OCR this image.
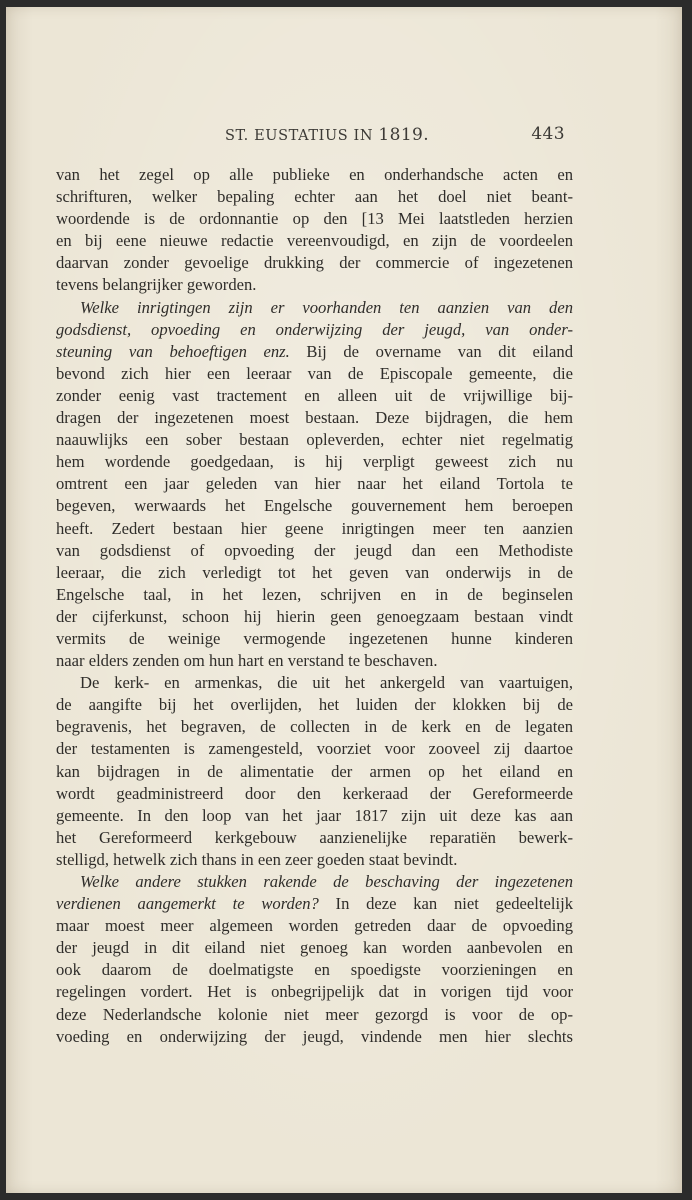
ST. EUSTATIUS IN 1819.	443
van het zegel op alle publieke en onderhandsche acten en
schrifturen, welker bepaling echter aan het doel niet beant-
woordende is de ordonnantie op den [13 Mei laatstleden herzien
en bij eene nieuwe redactie vereenvoudigd, en zijn de voordeelen
daarvan zonder gevoelige drukking der commercie of ingezetenen
tevens belangrijker geworden.
Welke inrigtingen zijn er voorhanden ten aanzien van den
godsdienst, opvoeding en onderwijzing der jeugd, van onder-
steuning van behoeftigen enz. Bij de overname van dit eiland
bevond zich hier een leeraar van de Episcopale gemeente, die
zonder eenig vast tractement en alleen uit de vrijwillige bij-
dragen der ingezetenen moest bestaan. Deze bijdragen, die hem
naauwlijks een sober bestaan opleverden, echter niet regelmatig
hem wordende goedgedaan, is hij verpligt geweest zich nu
omtrent een jaar geleden van hier naar het eiland Tortola te
begeven, werwaards het Engelsche gouvernement hem beroepen
heeft. Zedert bestaan hier geene inrigtingen meer ten aanzien
van godsdienst of opvoeding der jeugd dan een Methodiste
leeraar, die zich verledigt tot het geven van onderwijs in de
Engelsche taal, in het lezen, schrijven en in de beginselen
der cijferkunst, schoon hij hierin geen genoegzaam bestaan vindt
vermits de weinige vermogende ingezetenen hunne kinderen
naar elders zenden om hun hart en verstand te beschaven.
De kerk- en armenkas, die uit het ankergeld van vaartuigen,
de aangifte bij het overlijden, het luiden der klokken bij de
begravenis, het begraven, de collecten in de kerk en de legaten
der testamenten is zamengesteld, voorziet voor zooveel zij daartoe
kan bijdragen in de alimentatie der armen op het eiland en
wordt geadministreerd door den kerkeraad der Gereformeerde
gemeente. In den loop van het jaar 1817 zijn uit deze kas aan
het Gereformeerd kerkgebouw aanzienelijke reparatiën bewerk-
stelligd, hetwelk zich thans in een zeer goeden staat bevindt.
Welke andere stukken rakende de beschaving der ingezetenen
verdienen aangemerkt te worden? In deze kan niet gedeeltelijk
maar moest meer algemeen worden getreden daar de opvoeding
der jeugd in dit eiland niet genoeg kan worden aanbevolen en
ook daarom de doelmatigste en spoedigste voorzieningen en
regelingen vordert. Het is onbegrijpelijk dat in vorigen tijd voor
deze Nederlandsche kolonie niet meer gezorgd is voor de op-
voeding en onderwijzing der jeugd, vindende men hier slechts
